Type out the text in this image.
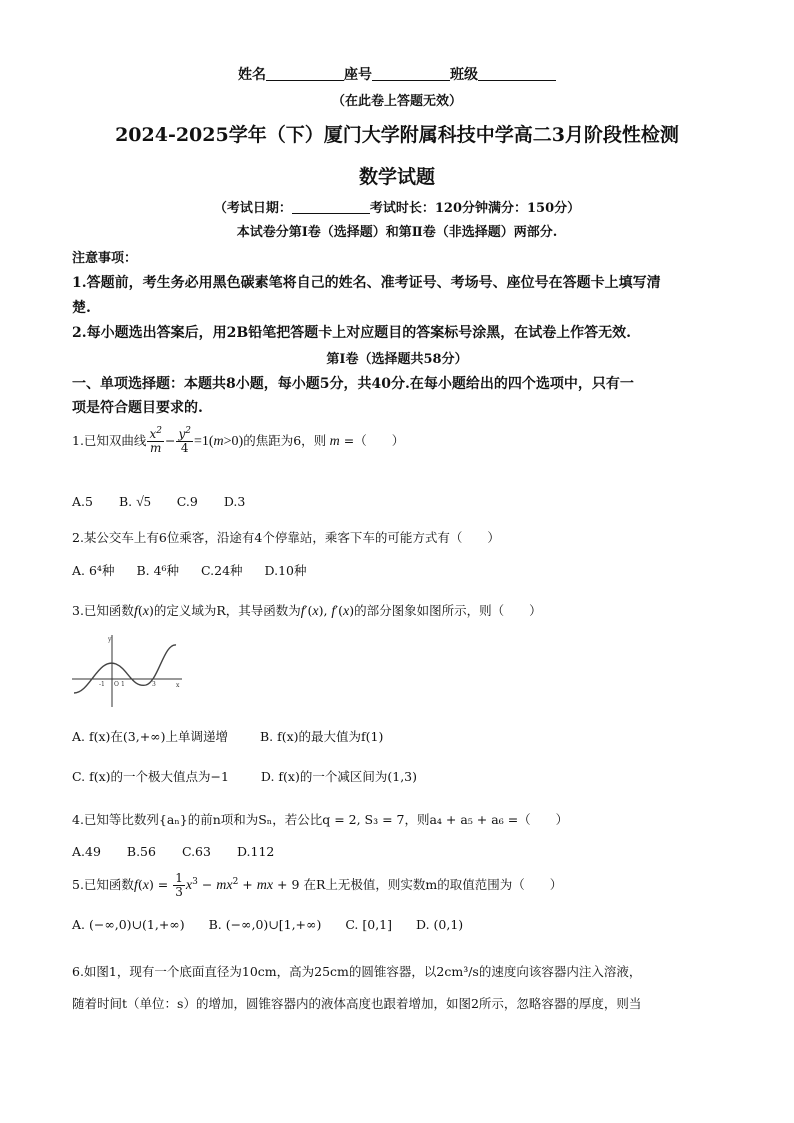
姓名	座号	班级
（在此卷上答题无效）
2024-2025学年（下）厦门大学附属科技中学高二3月阶段性检测
数学试题
（考试日期：	考试时长：120分钟满分：150分）
本试卷分第Ⅰ卷（选择题）和第Ⅱ卷（非选择题）两部分.
注意事项：
1.答题前，考生务必用黑色碳素笔将自己的姓名、准考证号、考场号、座位号在答题卡上填写清
楚.
2.每小题选出答案后，用2B铅笔把答题卡上对应题目的答案标号涂黑，在试卷上作答无效.
第Ⅰ卷（选择题共58分）
一、单项选择题：本题共8小题，每小题5分，共40分.在每小题给出的四个选项中，只有一
项是符合题目要求的.
1.已知双曲线 $\frac{x^2}{m} - \frac{y^2}{4} =1(m>0)$的焦距为6，则 m =（　　）
A.5 B. √5 C.9 D.3
2.某公交车上有6位乘客，沿途有4个停靠站，乘客下车的可能方式有（　　）
A. 6⁴种 B. 4⁶种 C.24种 D.10种
3.已知函数f(x)的定义域为R，其导函数为f′(x), f′(x)的部分图象如图所示，则（　　）
y
x
O
-1	1	3
A. f(x)在(3,+∞)上单调递增	B. f(x)的最大值为f(1)
C. f(x)的一个极大值点为−1	D. f(x)的一个减区间为(1,3)
4.已知等比数列{aₙ}的前n项和为Sₙ，若公比q = 2, S₃ = 7，则a₄ + a₅ + a₆ =（　　）
A.49 B.56 C.63 D.112
5.已知函数$f(x) = \frac{1}{3} x^3 - mx^2$ + mx + 9 在R上无极值，则实数m的取值范围为（　　）
A. (−∞,0)∪(1,+∞) B. (−∞,0)∪[1,+∞) C. [0,1] D. (0,1)
6.如图1，现有一个底面直径为10cm，高为25cm的圆锥容器，以2cm³/s的速度向该容器内注入溶液，
随着时间t（单位：s）的增加，圆锥容器内的液体高度也跟着增加，如图2所示，忽略容器的厚度，则当
